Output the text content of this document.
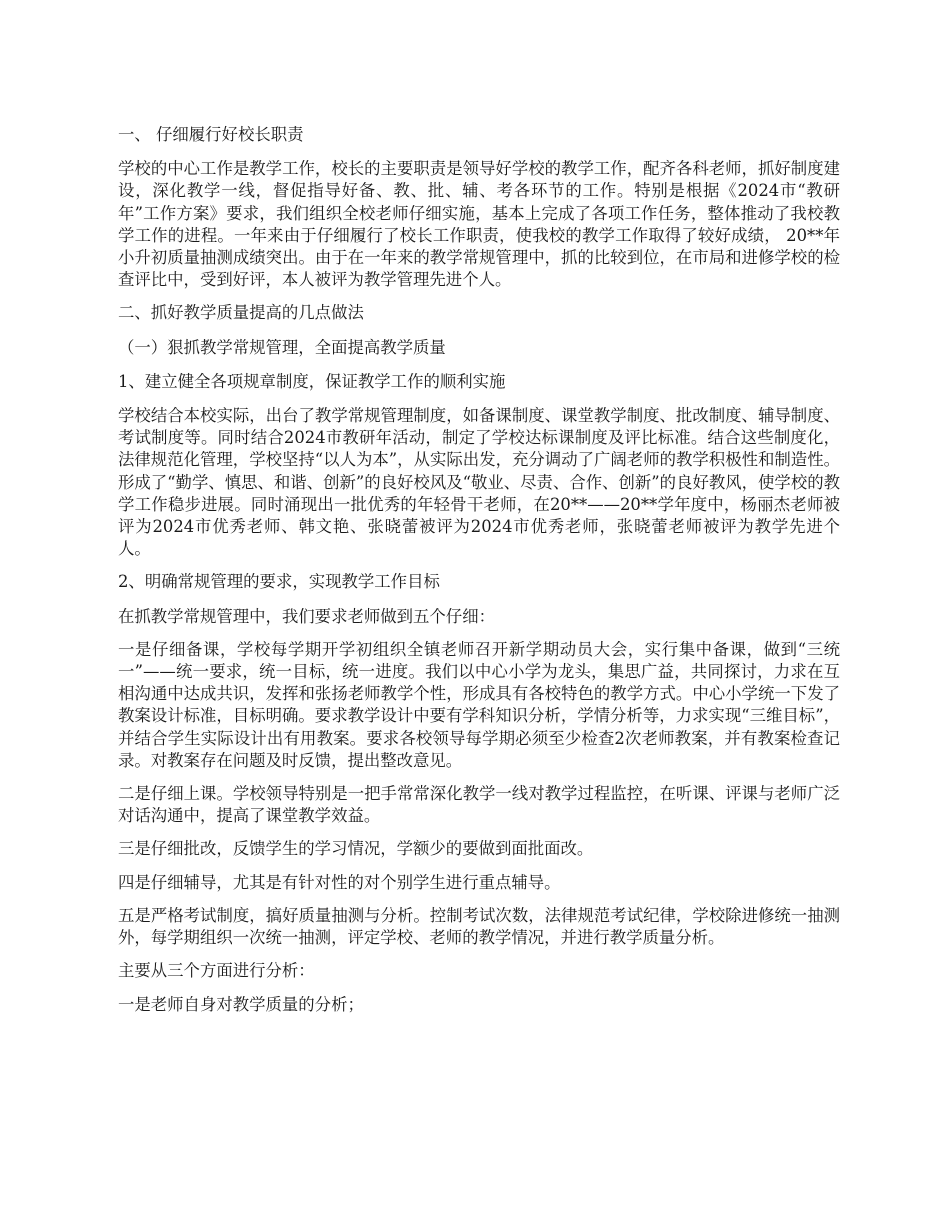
一、 仔细履行好校长职责

学校的中心工作是教学工作，校长的主要职责是领导好学校的教学工作，配齐各科老师，抓好制度建设，深化教学一线，督促指导好备、教、批、辅、考各环节的工作。特别是根据《2024市“教研年”工作方案》要求，我们组织全校老师仔细实施，基本上完成了各项工作任务，整体推动了我校教学工作的进程。一年来由于仔细履行了校长工作职责，使我校的教学工作取得了较好成绩， 20**年小升初质量抽测成绩突出。由于在一年来的教学常规管理中，抓的比较到位，在市局和进修学校的检查评比中，受到好评，本人被评为教学管理先进个人。

二、抓好教学质量提高的几点做法

（一）狠抓教学常规管理，全面提高教学质量

1、建立健全各项规章制度，保证教学工作的顺利实施

学校结合本校实际，出台了教学常规管理制度，如备课制度、课堂教学制度、批改制度、辅导制度、考试制度等。同时结合2024市教研年活动，制定了学校达标课制度及评比标准。结合这些制度化，法律规范化管理，学校坚持“以人为本”，从实际出发，充分调动了广阔老师的教学积极性和制造性。形成了“勤学、慎思、和谐、创新”的良好校风及“敬业、尽责、合作、创新”的良好教风，使学校的教学工作稳步进展。同时涌现出一批优秀的年轻骨干老师，在20**——20**学年度中，杨丽杰老师被评为2024市优秀老师、韩文艳、张晓蕾被评为2024市优秀老师，张晓蕾老师被评为教学先进个人。

2、明确常规管理的要求，实现教学工作目标

在抓教学常规管理中，我们要求老师做到五个仔细：

一是仔细备课，学校每学期开学初组织全镇老师召开新学期动员大会，实行集中备课，做到“三统一”——统一要求，统一目标，统一进度。我们以中心小学为龙头，集思广益，共同探讨，力求在互相沟通中达成共识，发挥和张扬老师教学个性，形成具有各校特色的教学方式。中心小学统一下发了教案设计标准，目标明确。要求教学设计中要有学科知识分析，学情分析等，力求实现“三维目标”，并结合学生实际设计出有用教案。要求各校领导每学期必须至少检查2次老师教案，并有教案检查记录。对教案存在问题及时反馈，提出整改意见。

二是仔细上课。学校领导特别是一把手常常深化教学一线对教学过程监控，在听课、评课与老师广泛对话沟通中，提高了课堂教学效益。

三是仔细批改，反馈学生的学习情况，学额少的要做到面批面改。

四是仔细辅导，尤其是有针对性的对个别学生进行重点辅导。

五是严格考试制度，搞好质量抽测与分析。控制考试次数，法律规范考试纪律，学校除进修统一抽测外，每学期组织一次统一抽测，评定学校、老师的教学情况，并进行教学质量分析。

主要从三个方面进行分析：

一是老师自身对教学质量的分析；
